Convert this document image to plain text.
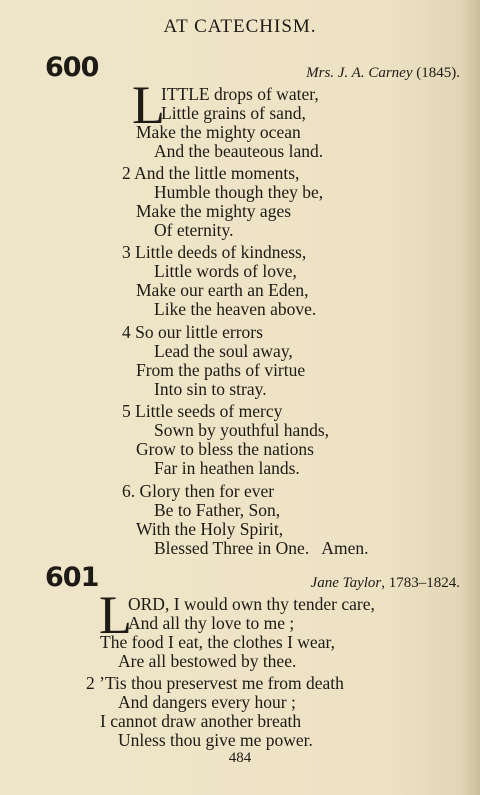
AT CATECHISM.
600	Mrs. J. A. Carney (1845).
L
ITTLE drops of water,
Little grains of sand,
Make the mighty ocean
And the beauteous land.
2 And the little moments,
Humble though they be,
Make the mighty ages
Of eternity.
3 Little deeds of kindness,
Little words of love,
Make our earth an Eden,
Like the heaven above.
4 So our little errors
Lead the soul away,
From the paths of virtue
Into sin to stray.
5 Little seeds of mercy
Sown by youthful hands,
Grow to bless the nations
Far in heathen lands.
6. Glory then for ever
Be to Father, Son,
With the Holy Spirit,
Blessed Three in One.   Amen.
601	Jane Taylor, 1783–1824.
L
ORD, I would own thy tender care,
And all thy love to me ;
The food I eat, the clothes I wear,
Are all bestowed by thee.
2 ’Tis thou preservest me from death
And dangers every hour ;
I cannot draw another breath
Unless thou give me power.
484
